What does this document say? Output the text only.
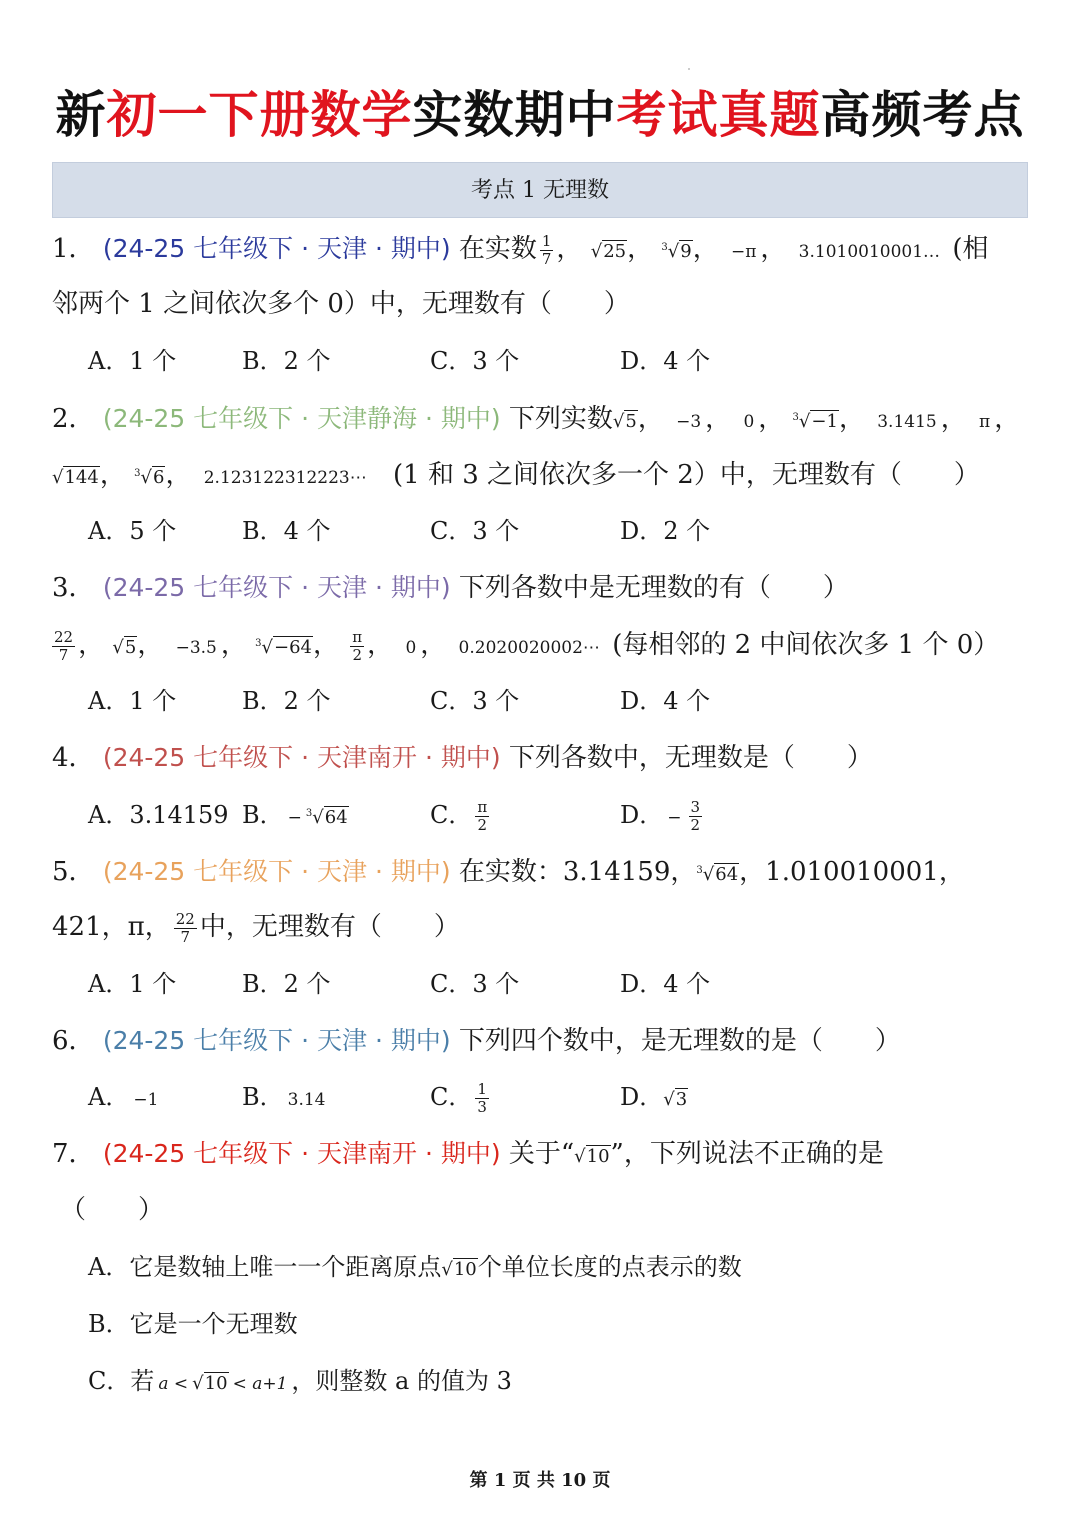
新初一下册数学实数期中考试真题高频考点
考点 1 无理数
1． (24-25 七年级下 · 天津 · 期中) 在实数 $\frac{1}{7}$ ， √25， $^3$√9， −π ， 3.1010010001… (相
邻两个 1 之间依次多个 0）中，无理数有（　　）
A．1 个	B．2 个	C．3 个	D．4 个
2． (24-25 七年级下 · 天津静海 · 期中) 下列实数√5， −3 ， 0 ， $^3$√−1， 3.1415 ， π ，
√144， $^3$√6， 2.123122312223⋯ (1 和 3 之间依次多一个 2）中，无理数有（　　）
A．5 个	B．4 个	C．3 个	D．2 个
3． (24-25 七年级下 · 天津 · 期中) 下列各数中是无理数的有（　　）
$\frac{22}{7}$ ， √5， −3.5 ， $^3$√−64， $\frac{\pi}{2}$ ， 0 ， 0.2020020002⋯ (每相邻的 2 中间依次多 1 个 0）
A．1 个	B．2 个	C．3 个	D．4 个
4． (24-25 七年级下 · 天津南开 · 期中) 下列各数中，无理数是（　　）
A．3.14159 B． − $^3$√64	C． $\frac{\pi}{2}$	D． − $\frac{3}{2}$
5． (24-25 七年级下 · 天津 · 期中) 在实数：3.14159，$^3$√64，1.010010001，
421，π， $\frac{22}{7}$ 中，无理数有（　　）
A．1 个	B．2 个	C．3 个	D．4 个
6． (24-25 七年级下 · 天津 · 期中) 下列四个数中，是无理数的是（　　）
A． −1	B． 3.14	C． $\frac{1}{3}$	D．√3
7． (24-25 七年级下 · 天津南开 · 期中) 关于“√10”，下列说法不正确的是
（　　）
A．它是数轴上唯一一个距离原点√10个单位长度的点表示的数
B．它是一个无理数
C．若 a < √10 < a+1 ，则整数 a 的值为 3
第 1 页 共 10 页
